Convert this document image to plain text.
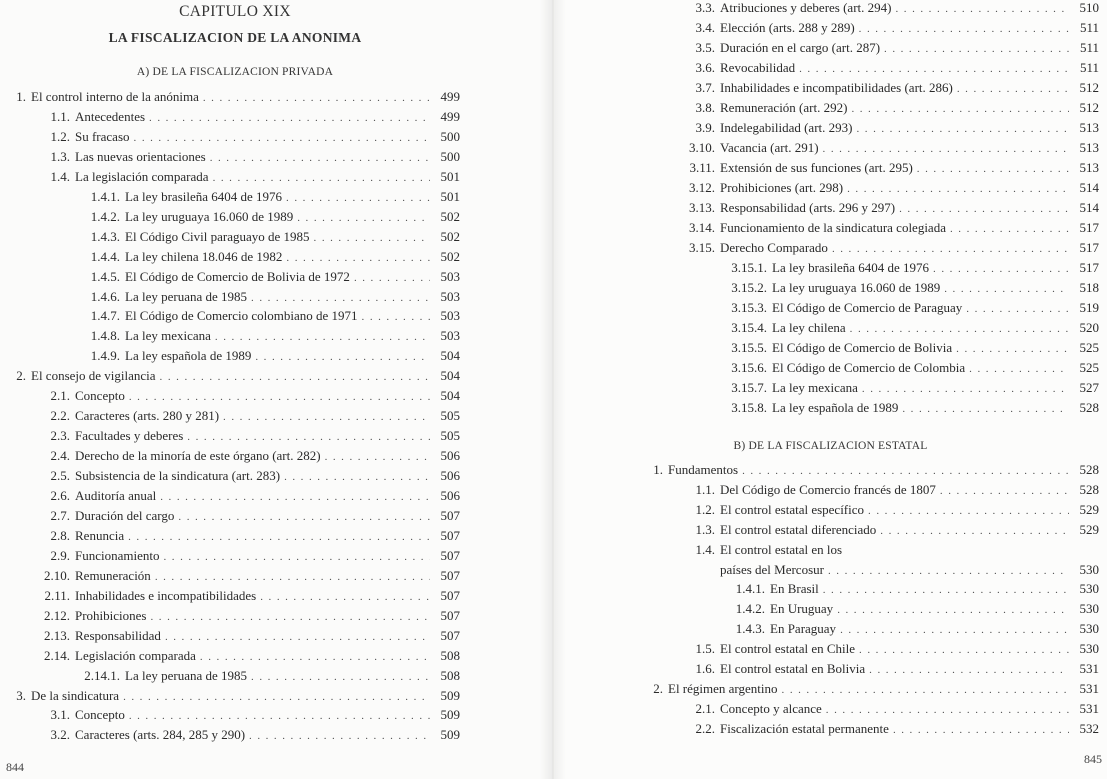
CAPITULO XIX
LA FISCALIZACION DE LA ANONIMA
A) DE LA FISCALIZACION PRIVADA
1. El control interno de la anónima . . .	499
1.1. Antecedentes . . .	499
1.2. Su fracaso . . .	500
1.3. Las nuevas orientaciones . . .	500
1.4. La legislación comparada . . .	501
1.4.1. La ley brasileña 6404 de 1976 . . .	501
1.4.2. La ley uruguaya 16.060 de 1989 . . .	502
1.4.3. El Código Civil paraguayo de 1985 . . .	502
1.4.4. La ley chilena 18.046 de 1982 . . .	502
1.4.5. El Código de Comercio de Bolivia de 1972 . . .	503
1.4.6. La ley peruana de 1985 . . .	503
1.4.7. El Código de Comercio colombiano de 1971 . . .	503
1.4.8. La ley mexicana . . .	503
1.4.9. La ley española de 1989 . . .	504
2. El consejo de vigilancia . . .	504
2.1. Concepto . . .	504
2.2. Caracteres (arts. 280 y 281) . . .	505
2.3. Facultades y deberes . . .	505
2.4. Derecho de la minoría de este órgano (art. 282) . . .	506
2.5. Subsistencia de la sindicatura (art. 283) . . .	506
2.6. Auditoría anual . . .	506
2.7. Duración del cargo . . .	507
2.8. Renuncia . . .	507
2.9. Funcionamiento . . .	507
2.10. Remuneración . . .	507
2.11. Inhabilidades e incompatibilidades . . .	507
2.12. Prohibiciones . . .	507
2.13. Responsabilidad . . .	507
2.14. Legislación comparada . . .	508
2.14.1. La ley peruana de 1985 . . .	508
3. De la sindicatura . . .	509
3.1. Concepto . . .	509
3.2. Caracteres (arts. 284, 285 y 290) . . .	509
844
3.3. Atribuciones y deberes (art. 294) . . .	510
3.4. Elección (arts. 288 y 289) . . .	511
3.5. Duración en el cargo (art. 287) . . .	511
3.6. Revocabilidad . . .	511
3.7. Inhabilidades e incompatibilidades (art. 286) . . .	512
3.8. Remuneración (art. 292) . . .	512
3.9. Indelegabilidad (art. 293) . . .	513
3.10. Vacancia (art. 291) . . .	513
3.11. Extensión de sus funciones (art. 295) . . .	513
3.12. Prohibiciones (art. 298) . . .	514
3.13. Responsabilidad (arts. 296 y 297) . . .	514
3.14. Funcionamiento de la sindicatura colegiada . . .	517
3.15. Derecho Comparado . . .	517
3.15.1. La ley brasileña 6404 de 1976 . . .	517
3.15.2. La ley uruguaya 16.060 de 1989 . . .	518
3.15.3. El Código de Comercio de Paraguay . . .	519
3.15.4. La ley chilena . . .	520
3.15.5. El Código de Comercio de Bolivia . . .	525
3.15.6. El Código de Comercio de Colombia . . .	525
3.15.7. La ley mexicana . . .	527
3.15.8. La ley española de 1989 . . .	528
B) DE LA FISCALIZACION ESTATAL
1. Fundamentos . . .	528
1.1. Del Código de Comercio francés de 1807 . . .	528
1.2. El control estatal específico . . .	529
1.3. El control estatal diferenciado . . .	529
1.4. El control estatal en los
países del Mercosur . . .	530
1.4.1. En Brasil . . .	530
1.4.2. En Uruguay . . .	530
1.4.3. En Paraguay . . .	530
1.5. El control estatal en Chile . . .	530
1.6. El control estatal en Bolivia . . .	531
2. El régimen argentino . . .	531
2.1. Concepto y alcance . . .	531
2.2. Fiscalización estatal permanente . . .	532
845
